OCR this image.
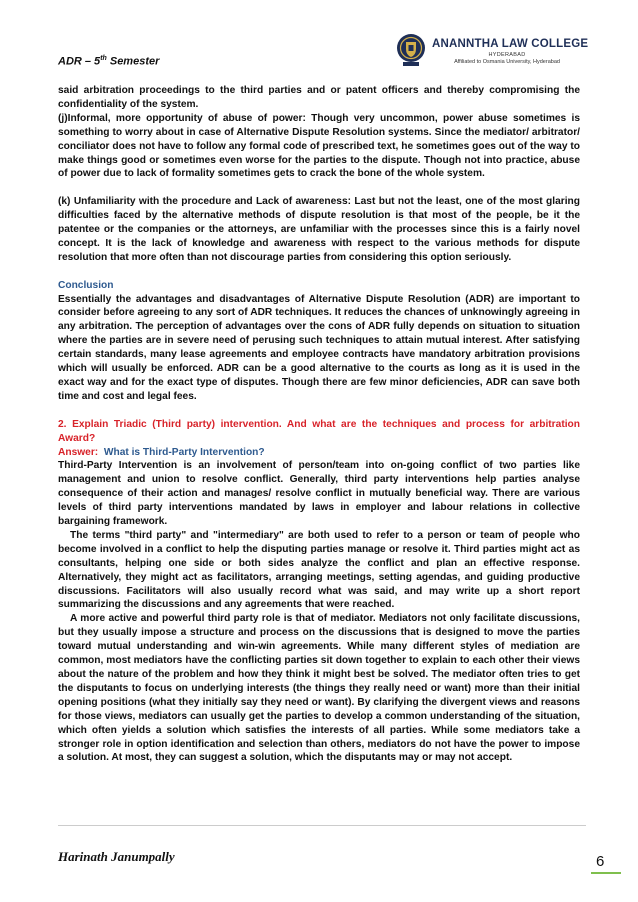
ADR – 5th Semester
ANANNTHA LAW COLLEGE
HYDERABAD
Affiliated to Osmania University, Hyderabad

said arbitration proceedings to the third parties and or patent officers and thereby compromising the confidentiality of the system.

(j)Informal, more opportunity of abuse of power: Though very uncommon, power abuse sometimes is something to worry about in case of Alternative Dispute Resolution systems. Since the mediator/ arbitrator/ conciliator does not have to follow any formal code of prescribed text, he sometimes goes out of the way to make things good or sometimes even worse for the parties to the dispute. Though not into practice, abuse of power due to lack of formality sometimes gets to crack the bone of the whole system.

(k) Unfamiliarity with the procedure and Lack of awareness: Last but not the least, one of the most glaring difficulties faced by the alternative methods of dispute resolution is that most of the people, be it the patentee or the companies or the attorneys, are unfamiliar with the processes since this is a fairly novel concept. It is the lack of knowledge and awareness with respect to the various methods for dispute resolution that more often than not discourage parties from considering this option seriously.

Conclusion

Essentially the advantages and disadvantages of Alternative Dispute Resolution (ADR) are important to consider before agreeing to any sort of ADR techniques. It reduces the chances of unknowingly agreeing in any arbitration. The perception of advantages over the cons of ADR fully depends on situation to situation where the parties are in severe need of perusing such techniques to attain mutual interest. After satisfying certain standards, many lease agreements and employee contracts have mandatory arbitration provisions which will usually be enforced. ADR can be a good alternative to the courts as long as it is used in the exact way and for the exact type of disputes. Though there are few minor deficiencies, ADR can save both time and cost and legal fees.

2. Explain Triadic (Third party) intervention. And what are the techniques and process for arbitration Award?

Answer: What is Third-Party Intervention?

Third-Party Intervention is an involvement of person/team into on-going conflict of two parties like management and union to resolve conflict. Generally, third party interventions help parties analyse consequence of their action and manages/ resolve conflict in mutually beneficial way. There are various levels of third party interventions mandated by laws in employer and labour relations in collective bargaining framework.

The terms "third party" and "intermediary" are both used to refer to a person or team of people who become involved in a conflict to help the disputing parties manage or resolve it. Third parties might act as consultants, helping one side or both sides analyze the conflict and plan an effective response. Alternatively, they might act as facilitators, arranging meetings, setting agendas, and guiding productive discussions. Facilitators will also usually record what was said, and may write up a short report summarizing the discussions and any agreements that were reached.

A more active and powerful third party role is that of mediator. Mediators not only facilitate discussions, but they usually impose a structure and process on the discussions that is designed to move the parties toward mutual understanding and win-win agreements. While many different styles of mediation are common, most mediators have the conflicting parties sit down together to explain to each other their views about the nature of the problem and how they think it might best be solved. The mediator often tries to get the disputants to focus on underlying interests (the things they really need or want) more than their initial opening positions (what they initially say they need or want). By clarifying the divergent views and reasons for those views, mediators can usually get the parties to develop a common understanding of the situation, which often yields a solution which satisfies the interests of all parties. While some mediators take a stronger role in option identification and selection than others, mediators do not have the power to impose a solution. At most, they can suggest a solution, which the disputants may or may not accept.

Harinath Janumpally	6
